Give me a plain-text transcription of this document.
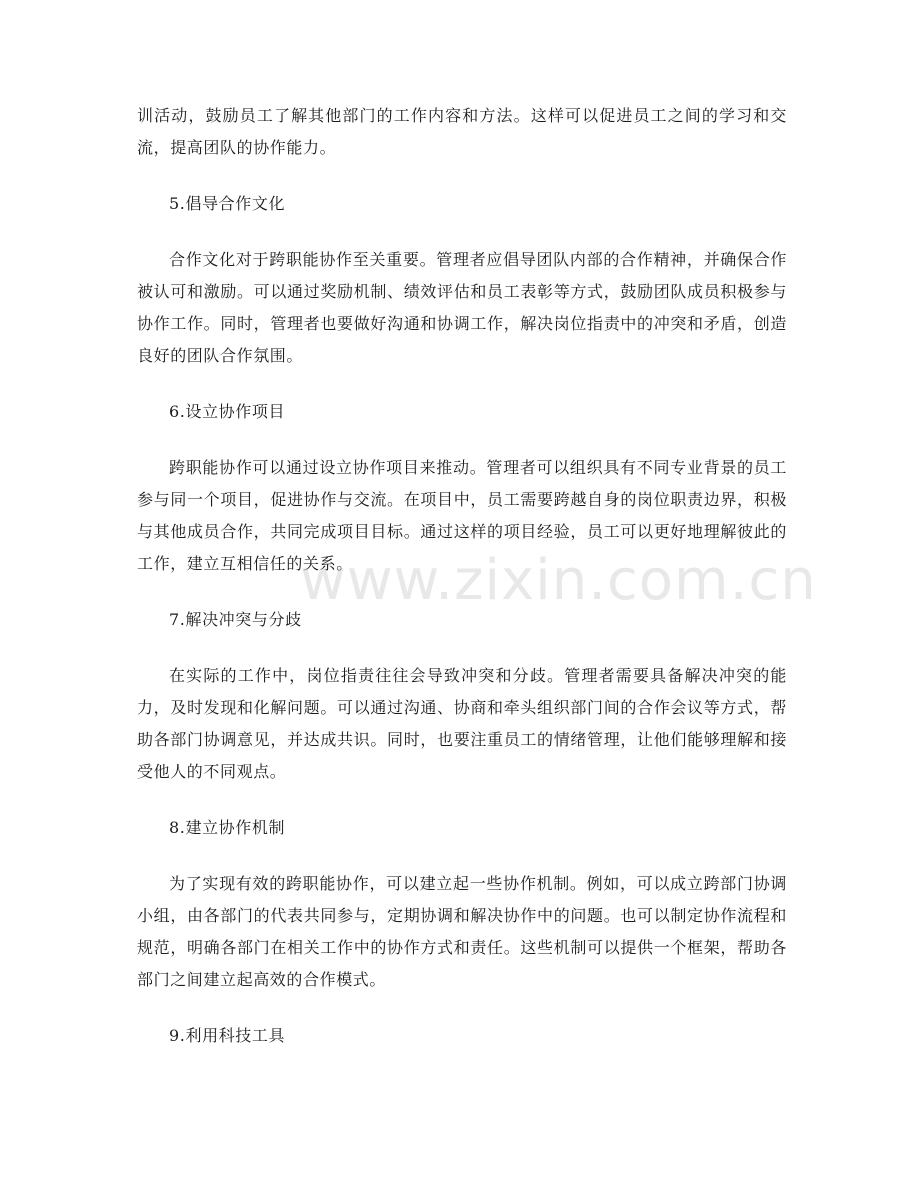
训活动，鼓励员工了解其他部门的工作内容和方法。这样可以促进员工之间的学习和交流，提高团队的协作能力。

5.倡导合作文化

合作文化对于跨职能协作至关重要。管理者应倡导团队内部的合作精神，并确保合作被认可和激励。可以通过奖励机制、绩效评估和员工表彰等方式，鼓励团队成员积极参与协作工作。同时，管理者也要做好沟通和协调工作，解决岗位指责中的冲突和矛盾，创造良好的团队合作氛围。

6.设立协作项目

跨职能协作可以通过设立协作项目来推动。管理者可以组织具有不同专业背景的员工参与同一个项目，促进协作与交流。在项目中，员工需要跨越自身的岗位职责边界，积极与其他成员合作，共同完成项目目标。通过这样的项目经验，员工可以更好地理解彼此的工作，建立互相信任的关系。

7.解决冲突与分歧

在实际的工作中，岗位指责往往会导致冲突和分歧。管理者需要具备解决冲突的能力，及时发现和化解问题。可以通过沟通、协商和牵头组织部门间的合作会议等方式，帮助各部门协调意见，并达成共识。同时，也要注重员工的情绪管理，让他们能够理解和接受他人的不同观点。

8.建立协作机制

为了实现有效的跨职能协作，可以建立起一些协作机制。例如，可以成立跨部门协调小组，由各部门的代表共同参与，定期协调和解决协作中的问题。也可以制定协作流程和规范，明确各部门在相关工作中的协作方式和责任。这些机制可以提供一个框架，帮助各部门之间建立起高效的合作模式。

9.利用科技工具

www.zixin.com.cn
